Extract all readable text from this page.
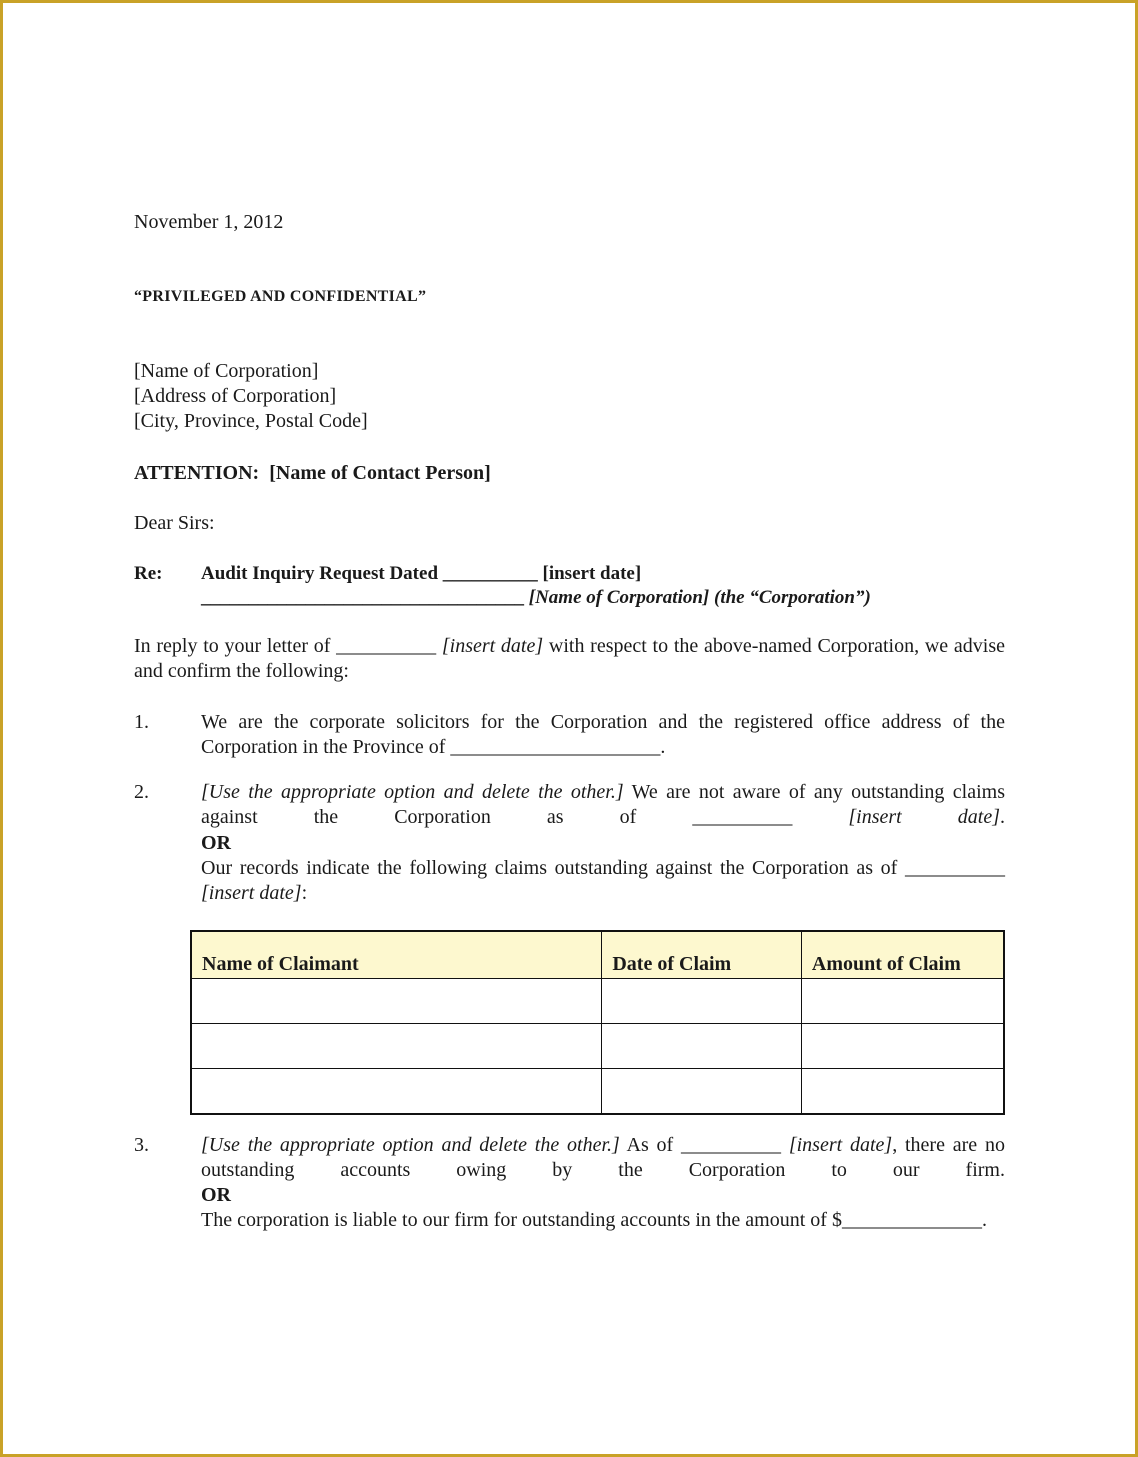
November 1, 2012
“PRIVILEGED AND CONFIDENTIAL”
[Name of Corporation]
[Address of Corporation]
[City, Province, Postal Code]
ATTENTION: [Name of Contact Person]
Dear Sirs:
Re: Audit Inquiry Request Dated __________ [insert date]
__________________________________ [Name of Corporation] (the “Corporation”)
In reply to your letter of __________ [insert date] with respect to the above-named Corporation, we advise and confirm the following:
1.	We are the corporate solicitors for the Corporation and the registered office address of the Corporation in the Province of _____________________.
2.	[Use the appropriate option and delete the other.] We are not aware of any outstanding claims against the Corporation as of __________ [insert date].
OR
Our records indicate the following claims outstanding against the Corporation as of __________ [insert date]:
Name of Claimant	Date of Claim	Amount of Claim

3.	[Use the appropriate option and delete the other.] As of __________ [insert date], there are no outstanding accounts owing by the Corporation to our firm.
OR
The corporation is liable to our firm for outstanding accounts in the amount of $______________.
